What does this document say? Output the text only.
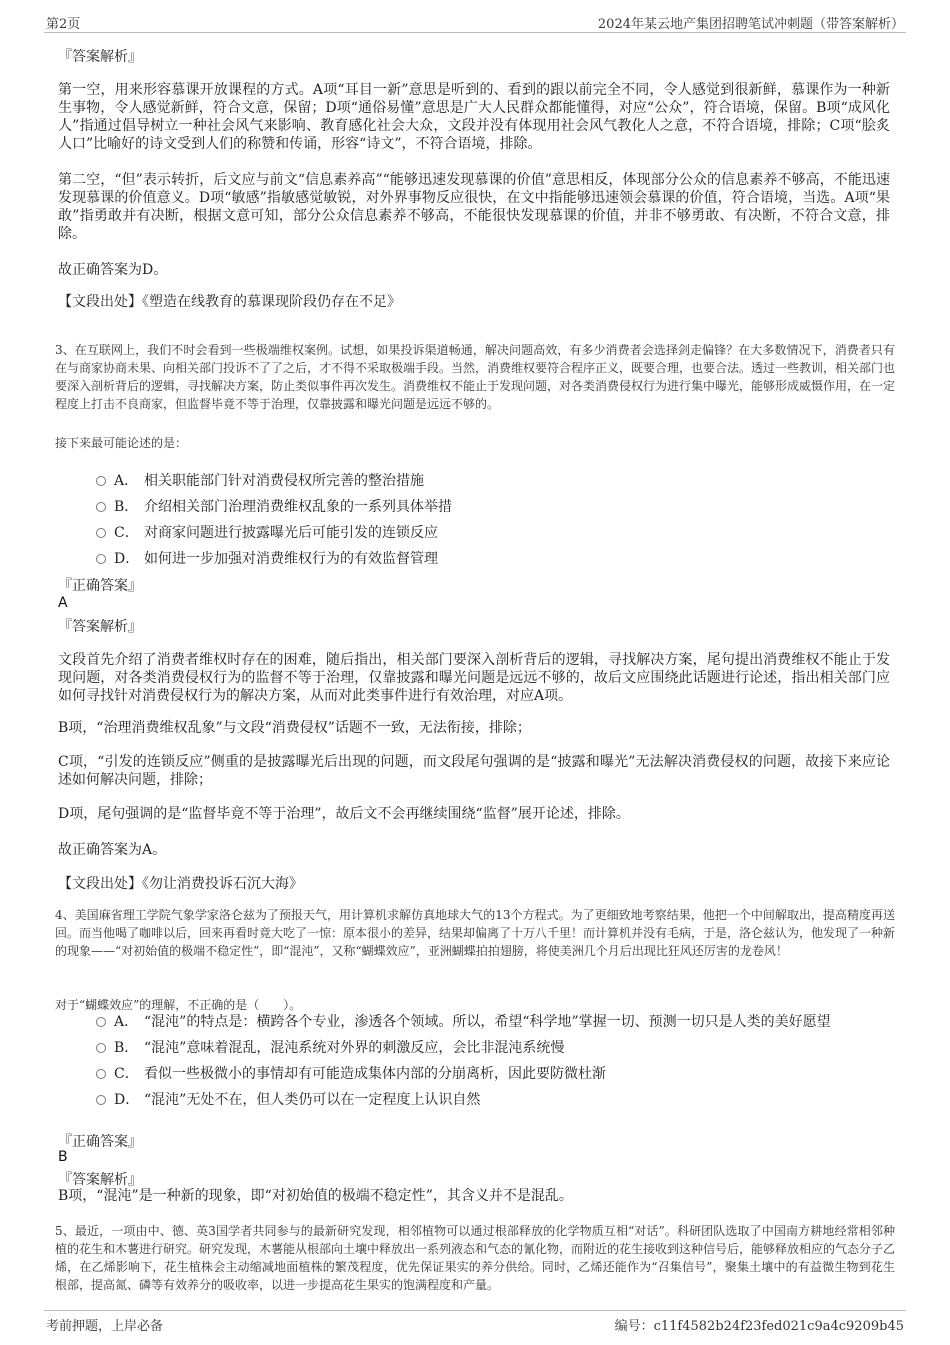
第2页	2024年某云地产集团招聘笔试冲刺题（带答案解析）
『答案解析』
第一空，用来形容慕课开放课程的方式。A项“耳目一新”意思是听到的、看到的跟以前完全不同，令人感觉到很新鲜，慕课作为一种新生事物，令人感觉新鲜，符合文意，保留；D项“通俗易懂”意思是广大人民群众都能懂得，对应“公众”，符合语境，保留。B项“成风化人”指通过倡导树立一种社会风气来影响、教育感化社会大众，文段并没有体现用社会风气教化人之意，不符合语境，排除；C项“脍炙人口”比喻好的诗文受到人们的称赞和传诵，形容“诗文”，不符合语境，排除。
第二空，“但”表示转折，后文应与前文“信息素养高”“能够迅速发现慕课的价值”意思相反，体现部分公众的信息素养不够高，不能迅速发现慕课的价值意义。D项“敏感”指敏感觉敏锐，对外界事物反应很快，在文中指能够迅速领会慕课的价值，符合语境，当选。A项“果敢”指勇敢并有决断，根据文意可知，部分公众信息素养不够高，不能很快发现慕课的价值，并非不够勇敢、有决断，不符合文意，排除。
故正确答案为D。
【文段出处】《塑造在线教育的慕课现阶段仍存在不足》
3、在互联网上，我们不时会看到一些极端维权案例。试想，如果投诉渠道畅通，解决问题高效，有多少消费者会选择剑走偏锋？在大多数情况下，消费者只有在与商家协商未果、向相关部门投诉不了了之后，才不得不采取极端手段。当然，消费维权要符合程序正义，既要合理，也要合法。透过一些教训，相关部门也要深入剖析背后的逻辑，寻找解决方案，防止类似事件再次发生。消费维权不能止于发现问题，对各类消费侵权行为进行集中曝光，能够形成威慑作用，在一定程度上打击不良商家，但监督毕竟不等于治理，仅靠披露和曝光问题是远远不够的。
接下来最可能论述的是：
A． 相关职能部门针对消费侵权所完善的整治措施
B． 介绍相关部门治理消费维权乱象的一系列具体举措
C． 对商家问题进行披露曝光后可能引发的连锁反应
D． 如何进一步加强对消费维权行为的有效监督管理
『正确答案』
A
『答案解析』
文段首先介绍了消费者维权时存在的困难，随后指出，相关部门要深入剖析背后的逻辑，寻找解决方案，尾句提出消费维权不能止于发现问题，对各类消费侵权行为的监督不等于治理，仅靠披露和曝光问题是远远不够的，故后文应围绕此话题进行论述，指出相关部门应如何寻找针对消费侵权行为的解决方案，从而对此类事件进行有效治理，对应A项。
B项，“治理消费维权乱象”与文段“消费侵权”话题不一致，无法衔接，排除；
C项，“引发的连锁反应”侧重的是披露曝光后出现的问题，而文段尾句强调的是“披露和曝光”无法解决消费侵权的问题，故接下来应论述如何解决问题，排除；
D项，尾句强调的是“监督毕竟不等于治理”，故后文不会再继续围绕“监督”展开论述，排除。
故正确答案为A。
【文段出处】《勿让消费投诉石沉大海》
4、美国麻省理工学院气象学家洛仑兹为了预报天气，用计算机求解仿真地球大气的13个方程式。为了更细致地考察结果，他把一个中间解取出，提高精度再送回。而当他喝了咖啡以后，回来再看时竟大吃了一惊：原本很小的差异，结果却偏离了十万八千里！而计算机并没有毛病，于是，洛仑兹认为，他发现了一种新的现象——“对初始值的极端不稳定性”，即“混沌”，又称“蝴蝶效应”，亚洲蝴蝶拍拍翅膀，将使美洲几个月后出现比狂风还厉害的龙卷风！
对于“蝴蝶效应”的理解，不正确的是（　　）。
A． “混沌”的特点是：横跨各个专业，渗透各个领域。所以，希望“科学地”掌握一切、预测一切只是人类的美好愿望
B． “混沌”意味着混乱，混沌系统对外界的刺激反应，会比非混沌系统慢
C． 看似一些极微小的事情却有可能造成集体内部的分崩离析，因此要防微杜渐
D． “混沌”无处不在，但人类仍可以在一定程度上认识自然
『正确答案』
B
『答案解析』
B项，“混沌”是一种新的现象，即“对初始值的极端不稳定性”，其含义并不是混乱。
5、最近，一项由中、德、英3国学者共同参与的最新研究发现，相邻植物可以通过根部释放的化学物质互相“对话”。科研团队选取了中国南方耕地经常相邻种植的花生和木薯进行研究。研究发现，木薯能从根部向土壤中释放出一系列液态和气态的氰化物，而附近的花生接收到这种信号后，能够释放相应的气态分子乙烯，在乙烯影响下，花生植株会主动缩减地面植株的繁茂程度，优先保证果实的养分供给。同时，乙烯还能作为“召集信号”，聚集土壤中的有益微生物到花生根部，提高氮、磷等有效养分的吸收率，以进一步提高花生果实的饱满程度和产量。
考前押题，上岸必备	编号：c11f4582b24f23fed021c9a4c9209b45
